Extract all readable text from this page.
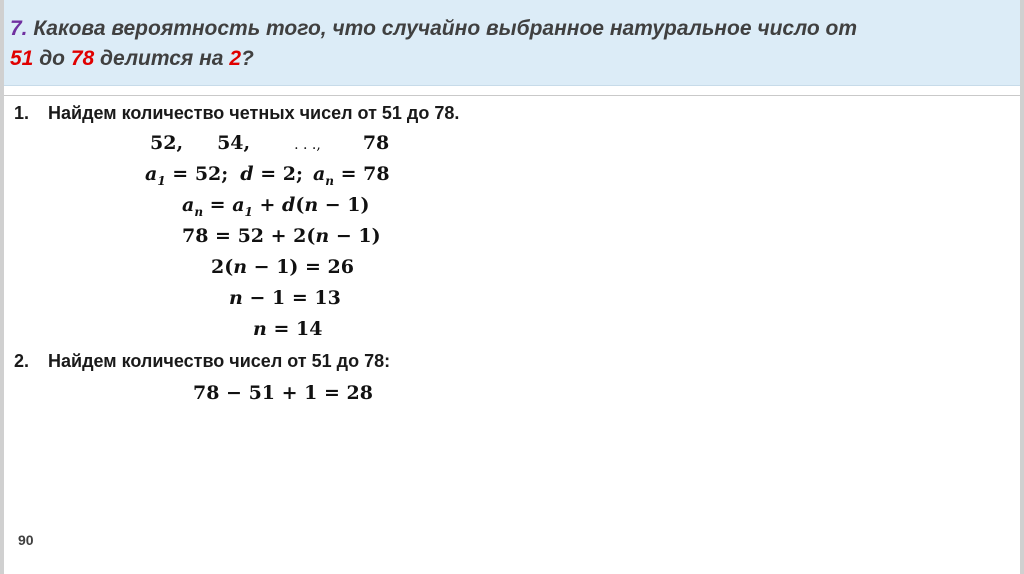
7. Какова вероятность того, что случайно выбранное натуральное число от
51 до 78 делится на 2?
1. Найдем количество четных чисел от 51 до 78.
52, 54,	. . ., 78
$a_1 = 52$; d = 2; $a_n = 78$
$a_n = a_1 + d(n - 1)$
78 = 52 + 2(n − 1)
2(n − 1) = 26
n − 1 = 13
n = 14
2. Найдем количество чисел от 51 до 78:
78 − 51 + 1 = 28
90
